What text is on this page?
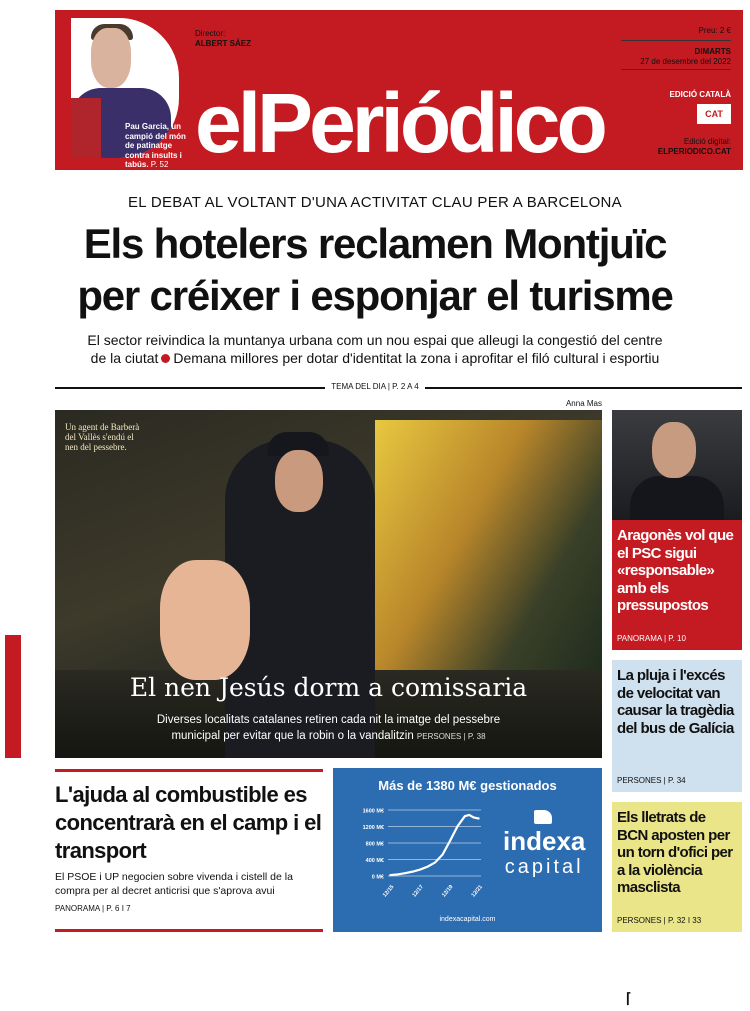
Pau Garcia, un campió del món de patinatge contra insults i tabús. P. 52
Director:
ALBERT SÁEZ
elPeriódico
Preu: 2 €
DIMARTS
27 de desembre del 2022
EDICIÓ CATALÀ
CAT
Edició digital:
ELPERIODICO.CAT
EL DEBAT AL VOLTANT D'UNA ACTIVITAT CLAU PER A BARCELONA
Els hotelers reclamen Montjuïc
per créixer i esponjar el turisme
El sector reivindica la muntanya urbana com un nou espai que alleugi la congestió del centre
de la ciutat Demana millores per dotar d'identitat la zona i aprofitar el filó cultural i esportiu
TEMA DEL DIA | P. 2 A 4
Anna Mas
Un agent de Barberà del Vallès s'endú el nen del pessebre.
El nen Jesús dorm a comissaria
Diverses localitats catalanes retiren cada nit la imatge del pessebre
municipal per evitar que la robin o la vandalitzin PERSONES | P. 38
Aragonès vol que el PSC sigui «responsable» amb els pressupostos
PANORAMA | P. 10
La pluja i l'excés de velocitat van causar la tragèdia del bus de Galícia
PERSONES | P. 34
Els lletrats de BCN aposten per un torn d'ofici per a la violència masclista
PERSONES | P. 32 I 33
L'ajuda al combustible es concentrarà en el camp i el transport
El PSOE i UP negocien sobre vivenda i cistell de la compra per al decret anticrisi que s'aprova avui
PANORAMA | P. 6 I 7
Más de 1380 M€ gestionados
0 M€
400 M€
800 M€
1200 M€
1600 M€
12/15	12/17	12/19	12/21
indexa
capital
indexacapital.com
⌈
